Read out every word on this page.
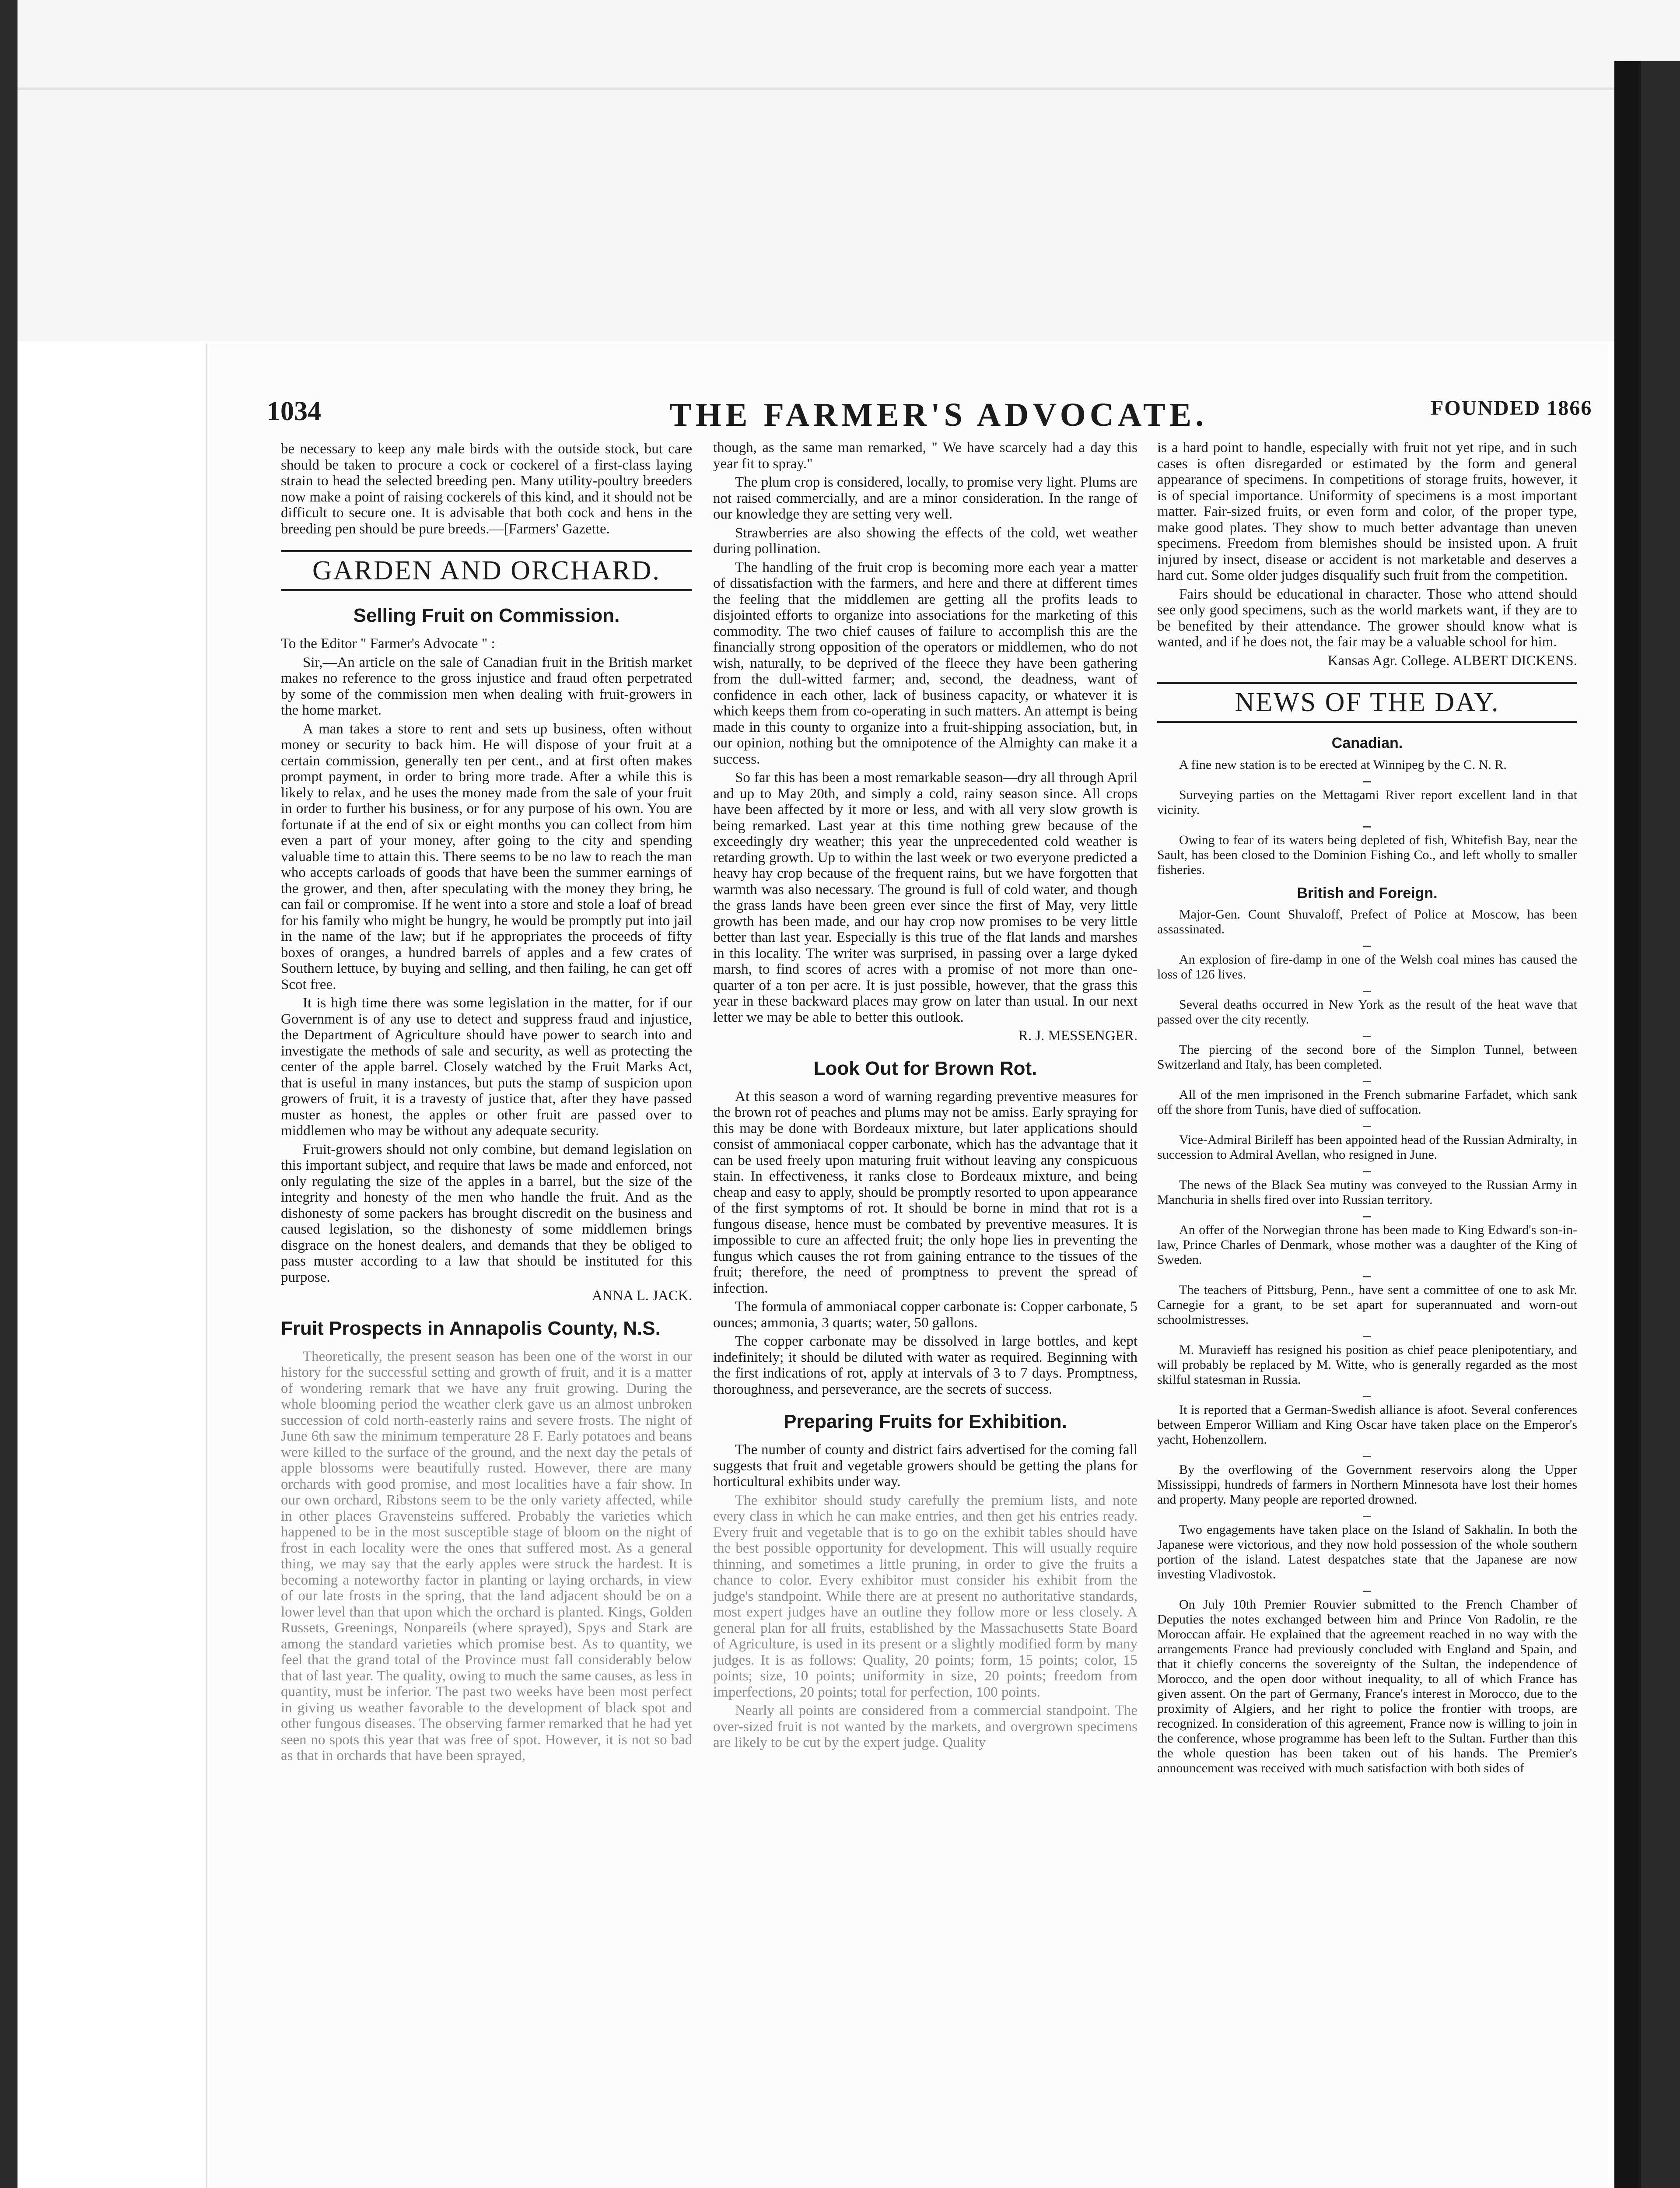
1034	THE FARMER'S ADVOCATE.	FOUNDED 1866

be necessary to keep any male birds with the outside stock, but care should be taken to procure a cock or cockerel of a first-class laying strain to head the selected breeding pen. Many utility-poultry breeders now make a point of raising cockerels of this kind, and it should not be difficult to secure one. It is advisable that both cock and hens in the breeding pen should be pure breeds.—[Farmers' Gazette.

GARDEN AND ORCHARD.
Selling Fruit on Commission.

To the Editor " Farmer's Advocate " :

Sir,—An article on the sale of Canadian fruit in the British market makes no reference to the gross injustice and fraud often perpetrated by some of the commission men when dealing with fruit-growers in the home market.

A man takes a store to rent and sets up business, often without money or security to back him. He will dispose of your fruit at a certain commission, generally ten per cent., and at first often makes prompt payment, in order to bring more trade. After a while this is likely to relax, and he uses the money made from the sale of your fruit in order to further his business, or for any purpose of his own. You are fortunate if at the end of six or eight months you can collect from him even a part of your money, after going to the city and spending valuable time to attain this. There seems to be no law to reach the man who accepts carloads of goods that have been the summer earnings of the grower, and then, after speculating with the money they bring, he can fail or compromise. If he went into a store and stole a loaf of bread for his family who might be hungry, he would be promptly put into jail in the name of the law; but if he appropriates the proceeds of fifty boxes of oranges, a hundred barrels of apples and a few crates of Southern lettuce, by buying and selling, and then failing, he can get off Scot free.

It is high time there was some legislation in the matter, for if our Government is of any use to detect and suppress fraud and injustice, the Department of Agriculture should have power to search into and investigate the methods of sale and security, as well as protecting the center of the apple barrel. Closely watched by the Fruit Marks Act, that is useful in many instances, but puts the stamp of suspicion upon growers of fruit, it is a travesty of justice that, after they have passed muster as honest, the apples or other fruit are passed over to middlemen who may be without any adequate security.

Fruit-growers should not only combine, but demand legislation on this important subject, and require that laws be made and enforced, not only regulating the size of the apples in a barrel, but the size of the integrity and honesty of the men who handle the fruit. And as the dishonesty of some packers has brought discredit on the business and caused legislation, so the dishonesty of some middlemen brings disgrace on the honest dealers, and demands that they be obliged to pass muster according to a law that should be instituted for this purpose.

ANNA L. JACK.

Fruit Prospects in Annapolis County, N.S.

Theoretically, the present season has been one of the worst in our history for the successful setting and growth of fruit, and it is a matter of wondering remark that we have any fruit growing. During the whole blooming period the weather clerk gave us an almost unbroken succession of cold north-easterly rains and severe frosts. The night of June 6th saw the minimum temperature 28 F. Early potatoes and beans were killed to the surface of the ground, and the next day the petals of apple blossoms were beautifully rusted. However, there are many orchards with good promise, and most localities have a fair show. In our own orchard, Ribstons seem to be the only variety affected, while in other places Gravensteins suffered. Probably the varieties which happened to be in the most susceptible stage of bloom on the night of frost in each locality were the ones that suffered most. As a general thing, we may say that the early apples were struck the hardest. It is becoming a noteworthy factor in planting or laying orchards, in view of our late frosts in the spring, that the land adjacent should be on a lower level than that upon which the orchard is planted. Kings, Golden Russets, Greenings, Nonpareils (where sprayed), Spys and Stark are among the standard varieties which promise best. As to quantity, we feel that the grand total of the Province must fall considerably below that of last year. The quality, owing to much the same causes, as less in quantity, must be inferior. The past two weeks have been most perfect in giving us weather favorable to the development of black spot and other fungous diseases. The observing farmer remarked that he had yet seen no spots this year that was free of spot. However, it is not so bad as that in orchards that have been sprayed,

though, as the same man remarked, " We have scarcely had a day this year fit to spray."

The plum crop is considered, locally, to promise very light. Plums are not raised commercially, and are a minor consideration. In the range of our knowledge they are setting very well.

Strawberries are also showing the effects of the cold, wet weather during pollination.

The handling of the fruit crop is becoming more each year a matter of dissatisfaction with the farmers, and here and there at different times the feeling that the middlemen are getting all the profits leads to disjointed efforts to organize into associations for the marketing of this commodity. The two chief causes of failure to accomplish this are the financially strong opposition of the operators or middlemen, who do not wish, naturally, to be deprived of the fleece they have been gathering from the dull-witted farmer; and, second, the deadness, want of confidence in each other, lack of business capacity, or whatever it is which keeps them from co-operating in such matters. An attempt is being made in this county to organize into a fruit-shipping association, but, in our opinion, nothing but the omnipotence of the Almighty can make it a success.

So far this has been a most remarkable season—dry all through April and up to May 20th, and simply a cold, rainy season since. All crops have been affected by it more or less, and with all very slow growth is being remarked. Last year at this time nothing grew because of the exceedingly dry weather; this year the unprecedented cold weather is retarding growth. Up to within the last week or two everyone predicted a heavy hay crop because of the frequent rains, but we have forgotten that warmth was also necessary. The ground is full of cold water, and though the grass lands have been green ever since the first of May, very little growth has been made, and our hay crop now promises to be very little better than last year. Especially is this true of the flat lands and marshes in this locality. The writer was surprised, in passing over a large dyked marsh, to find scores of acres with a promise of not more than one-quarter of a ton per acre. It is just possible, however, that the grass this year in these backward places may grow on later than usual. In our next letter we may be able to better this outlook.

R. J. MESSENGER.

Look Out for Brown Rot.

At this season a word of warning regarding preventive measures for the brown rot of peaches and plums may not be amiss. Early spraying for this may be done with Bordeaux mixture, but later applications should consist of ammoniacal copper carbonate, which has the advantage that it can be used freely upon maturing fruit without leaving any conspicuous stain. In effectiveness, it ranks close to Bordeaux mixture, and being cheap and easy to apply, should be promptly resorted to upon appearance of the first symptoms of rot. It should be borne in mind that rot is a fungous disease, hence must be combated by preventive measures. It is impossible to cure an affected fruit; the only hope lies in preventing the fungus which causes the rot from gaining entrance to the tissues of the fruit; therefore, the need of promptness to prevent the spread of infection.

The formula of ammoniacal copper carbonate is: Copper carbonate, 5 ounces; ammonia, 3 quarts; water, 50 gallons.

The copper carbonate may be dissolved in large bottles, and kept indefinitely; it should be diluted with water as required. Beginning with the first indications of rot, apply at intervals of 3 to 7 days. Promptness, thoroughness, and perseverance, are the secrets of success.

Preparing Fruits for Exhibition.

The number of county and district fairs advertised for the coming fall suggests that fruit and vegetable growers should be getting the plans for horticultural exhibits under way.

The exhibitor should study carefully the premium lists, and note every class in which he can make entries, and then get his entries ready. Every fruit and vegetable that is to go on the exhibit tables should have the best possible opportunity for development. This will usually require thinning, and sometimes a little pruning, in order to give the fruits a chance to color. Every exhibitor must consider his exhibit from the judge's standpoint. While there are at present no authoritative standards, most expert judges have an outline they follow more or less closely. A general plan for all fruits, established by the Massachusetts State Board of Agriculture, is used in its present or a slightly modified form by many judges. It is as follows: Quality, 20 points; form, 15 points; color, 15 points; size, 10 points; uniformity in size, 20 points; freedom from imperfections, 20 points; total for perfection, 100 points.

Nearly all points are considered from a commercial standpoint. The over-sized fruit is not wanted by the markets, and overgrown specimens are likely to be cut by the expert judge. Quality

is a hard point to handle, especially with fruit not yet ripe, and in such cases is often disregarded or estimated by the form and general appearance of specimens. In competitions of storage fruits, however, it is of special importance. Uniformity of specimens is a most important matter. Fair-sized fruits, or even form and color, of the proper type, make good plates. They show to much better advantage than uneven specimens. Freedom from blemishes should be insisted upon. A fruit injured by insect, disease or accident is not marketable and deserves a hard cut. Some older judges disqualify such fruit from the competition.

Fairs should be educational in character. Those who attend should see only good specimens, such as the world markets want, if they are to be benefited by their attendance. The grower should know what is wanted, and if he does not, the fair may be a valuable school for him.

Kansas Agr. College. ALBERT DICKENS.

NEWS OF THE DAY.
Canadian.

A fine new station is to be erected at Winnipeg by the C. N. R.

Surveying parties on the Mettagami River report excellent land in that vicinity.

Owing to fear of its waters being depleted of fish, Whitefish Bay, near the Sault, has been closed to the Dominion Fishing Co., and left wholly to smaller fisheries.

British and Foreign.

Major-Gen. Count Shuvaloff, Prefect of Police at Moscow, has been assassinated.

An explosion of fire-damp in one of the Welsh coal mines has caused the loss of 126 lives.

Several deaths occurred in New York as the result of the heat wave that passed over the city recently.

The piercing of the second bore of the Simplon Tunnel, between Switzerland and Italy, has been completed.

All of the men imprisoned in the French submarine Farfadet, which sank off the shore from Tunis, have died of suffocation.

Vice-Admiral Birileff has been appointed head of the Russian Admiralty, in succession to Admiral Avellan, who resigned in June.

The news of the Black Sea mutiny was conveyed to the Russian Army in Manchuria in shells fired over into Russian territory.

An offer of the Norwegian throne has been made to King Edward's son-in-law, Prince Charles of Denmark, whose mother was a daughter of the King of Sweden.

The teachers of Pittsburg, Penn., have sent a committee of one to ask Mr. Carnegie for a grant, to be set apart for superannuated and worn-out schoolmistresses.

M. Muravieff has resigned his position as chief peace plenipotentiary, and will probably be replaced by M. Witte, who is generally regarded as the most skilful statesman in Russia.

It is reported that a German-Swedish alliance is afoot. Several conferences between Emperor William and King Oscar have taken place on the Emperor's yacht, Hohenzollern.

By the overflowing of the Government reservoirs along the Upper Mississippi, hundreds of farmers in Northern Minnesota have lost their homes and property. Many people are reported drowned.

Two engagements have taken place on the Island of Sakhalin. In both the Japanese were victorious, and they now hold possession of the whole southern portion of the island. Latest despatches state that the Japanese are now investing Vladivostok.

On July 10th Premier Rouvier submitted to the French Chamber of Deputies the notes exchanged between him and Prince Von Radolin, re the Moroccan affair. He explained that the agreement reached in no way with the arrangements France had previously concluded with England and Spain, and that it chiefly concerns the sovereignty of the Sultan, the independence of Morocco, and the open door without inequality, to all of which France has given assent. On the part of Germany, France's interest in Morocco, due to the proximity of Algiers, and her right to police the frontier with troops, are recognized. In consideration of this agreement, France now is willing to join in the conference, whose programme has been left to the Sultan. Further than this the whole question has been taken out of his hands. The Premier's announcement was received with much satisfaction with both sides of
